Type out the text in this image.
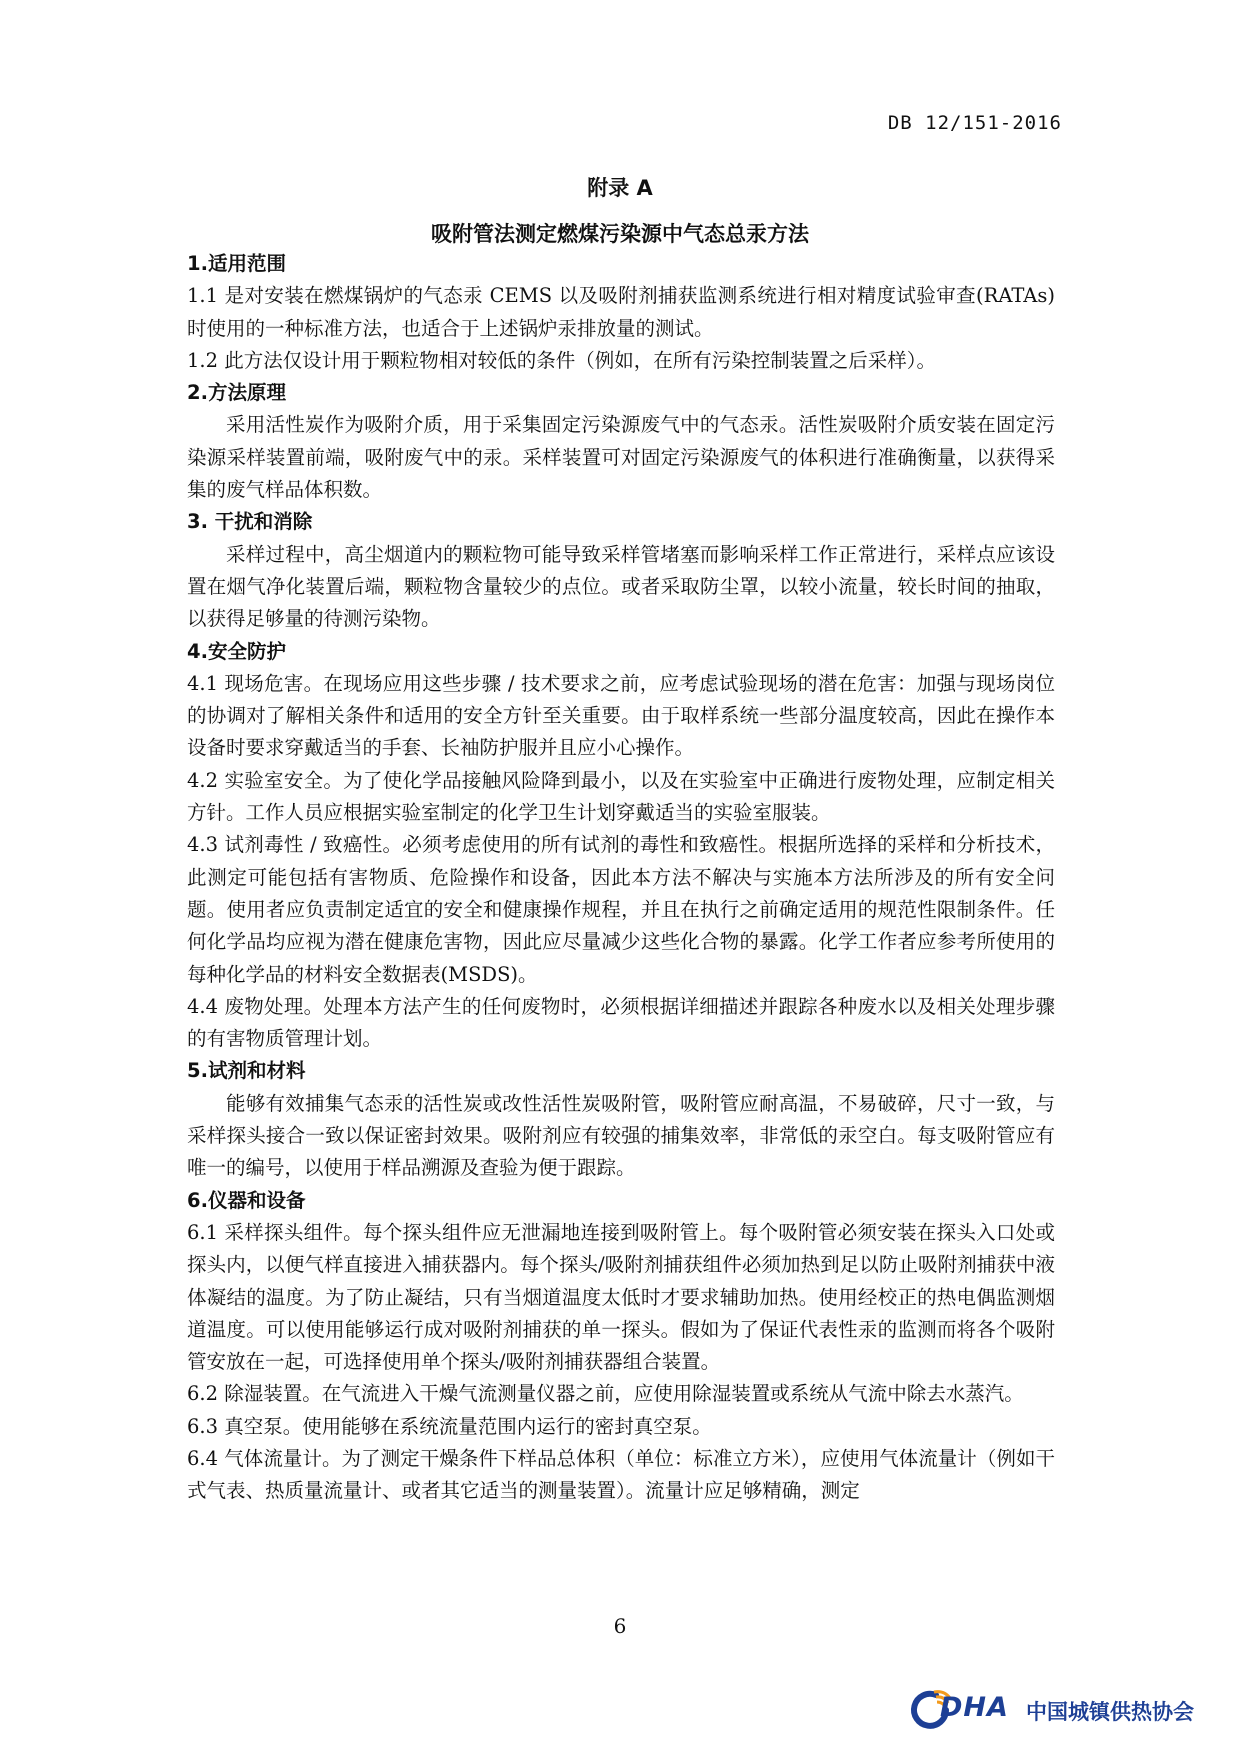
DB 12/151-2016
附录 A
吸附管法测定燃煤污染源中气态总汞方法
1.适用范围
1.1 是对安装在燃煤锅炉的气态汞 CEMS 以及吸附剂捕获监测系统进行相对精度试验审查(RATAs)时使用的一种标准方法，也适合于上述锅炉汞排放量的测试。
1.2 此方法仅设计用于颗粒物相对较低的条件（例如，在所有污染控制装置之后采样）。
2.方法原理
采用活性炭作为吸附介质，用于采集固定污染源废气中的气态汞。活性炭吸附介质安装在固定污染源采样装置前端，吸附废气中的汞。采样装置可对固定污染源废气的体积进行准确衡量，以获得采集的废气样品体积数。
3. 干扰和消除
采样过程中，高尘烟道内的颗粒物可能导致采样管堵塞而影响采样工作正常进行，采样点应该设置在烟气净化装置后端，颗粒物含量较少的点位。或者采取防尘罩，以较小流量，较长时间的抽取，以获得足够量的待测污染物。
4.安全防护
4.1 现场危害。在现场应用这些步骤 / 技术要求之前，应考虑试验现场的潜在危害：加强与现场岗位的协调对了解相关条件和适用的安全方针至关重要。由于取样系统一些部分温度较高，因此在操作本设备时要求穿戴适当的手套、长袖防护服并且应小心操作。
4.2 实验室安全。为了使化学品接触风险降到最小，以及在实验室中正确进行废物处理，应制定相关方针。工作人员应根据实验室制定的化学卫生计划穿戴适当的实验室服装。
4.3 试剂毒性 / 致癌性。必须考虑使用的所有试剂的毒性和致癌性。根据所选择的采样和分析技术，此测定可能包括有害物质、危险操作和设备，因此本方法不解决与实施本方法所涉及的所有安全问题。使用者应负责制定适宜的安全和健康操作规程，并且在执行之前确定适用的规范性限制条件。任何化学品均应视为潜在健康危害物，因此应尽量减少这些化合物的暴露。化学工作者应参考所使用的每种化学品的材料安全数据表(MSDS)。
4.4 废物处理。处理本方法产生的任何废物时，必须根据详细描述并跟踪各种废水以及相关处理步骤的有害物质管理计划。
5.试剂和材料
能够有效捕集气态汞的活性炭或改性活性炭吸附管，吸附管应耐高温，不易破碎，尺寸一致，与采样探头接合一致以保证密封效果。吸附剂应有较强的捕集效率，非常低的汞空白。每支吸附管应有唯一的编号，以使用于样品溯源及查验为便于跟踪。
6.仪器和设备
6.1 采样探头组件。每个探头组件应无泄漏地连接到吸附管上。每个吸附管必须安装在探头入口处或探头内，以便气样直接进入捕获器内。每个探头/吸附剂捕获组件必须加热到足以防止吸附剂捕获中液体凝结的温度。为了防止凝结，只有当烟道温度太低时才要求辅助加热。使用经校正的热电偶监测烟道温度。可以使用能够运行成对吸附剂捕获的单一探头。假如为了保证代表性汞的监测而将各个吸附管安放在一起，可选择使用单个探头/吸附剂捕获器组合装置。
6.2 除湿装置。在气流进入干燥气流测量仪器之前，应使用除湿装置或系统从气流中除去水蒸汽。
6.3 真空泵。使用能够在系统流量范围内运行的密封真空泵。
6.4 气体流量计。为了测定干燥条件下样品总体积（单位：标准立方米），应使用气体流量计（例如干式气表、热质量流量计、或者其它适当的测量装置）。流量计应足够精确，测定
6
DHA 中国城镇供热协会
